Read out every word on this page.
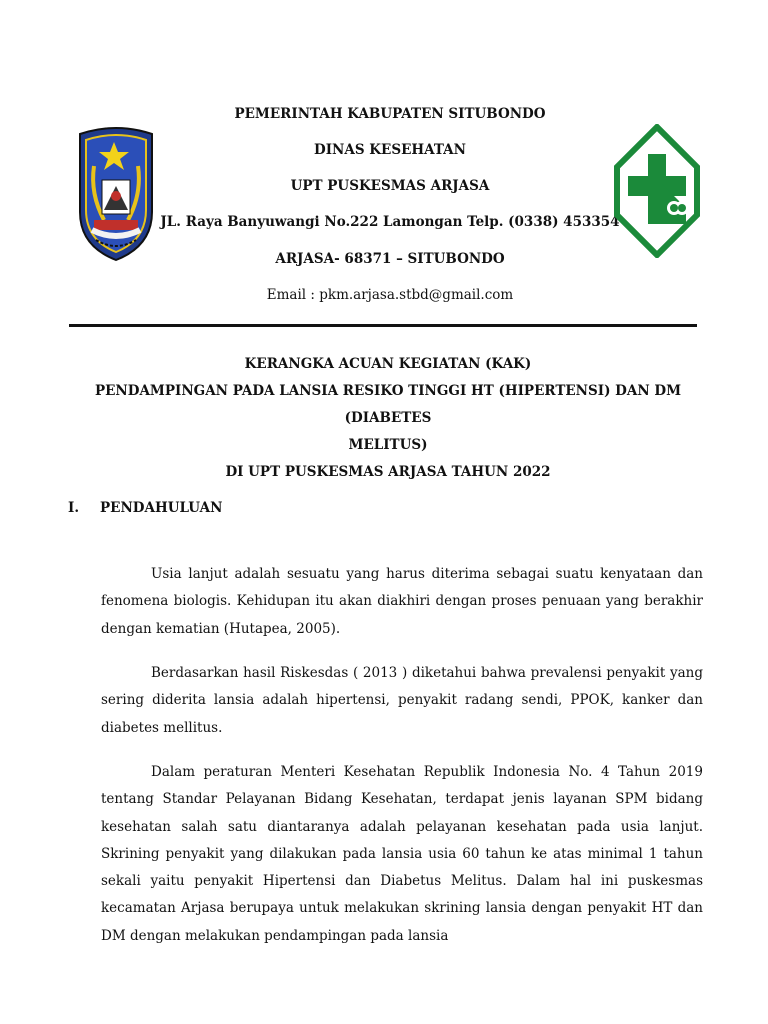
PEMERINTAH KABUPATEN SITUBONDO
DINAS KESEHATAN
UPT PUSKESMAS ARJASA
JL. Raya Banyuwangi No.222 Lamongan Telp. (0338) 453354
ARJASA- 68371 – SITUBONDO
Email : pkm.arjasa.stbd@gmail.com
KERANGKA ACUAN KEGIATAN (KAK)
PENDAMPINGAN PADA LANSIA RESIKO TINGGI HT (HIPERTENSI) DAN DM (DIABETES
MELITUS)
DI UPT PUSKESMAS ARJASA TAHUN 2022
I. PENDAHULUAN
Usia lanjut adalah sesuatu yang harus diterima sebagai suatu kenyataan dan fenomena biologis. Kehidupan itu akan diakhiri dengan proses penuaan yang berakhir dengan kematian (Hutapea, 2005).
Berdasarkan hasil Riskesdas ( 2013 ) diketahui bahwa prevalensi penyakit yang sering diderita lansia adalah hipertensi, penyakit radang sendi, PPOK, kanker dan diabetes mellitus.
Dalam peraturan Menteri Kesehatan Republik Indonesia No. 4 Tahun 2019 tentang Standar Pelayanan Bidang Kesehatan, terdapat jenis layanan SPM bidang kesehatan salah satu diantaranya adalah pelayanan kesehatan pada usia lanjut. Skrining penyakit yang dilakukan pada lansia usia 60 tahun ke atas minimal 1 tahun sekali yaitu penyakit Hipertensi dan Diabetus Melitus. Dalam hal ini puskesmas kecamatan Arjasa berupaya untuk melakukan skrining lansia dengan penyakit HT dan DM dengan melakukan pendampingan pada lansia
